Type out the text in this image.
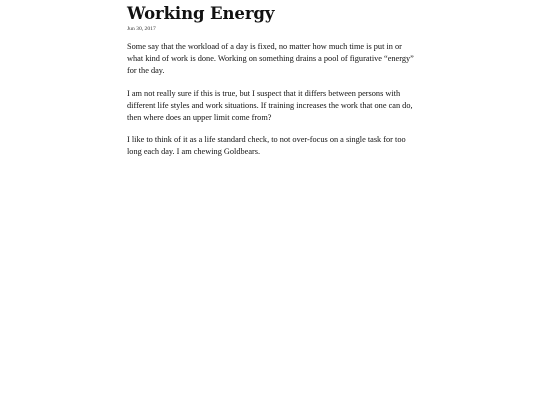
Working Energy
Jun 30, 2017

Some say that the workload of a day is fixed, no matter how much time is put in or what kind of work is done. Working on something drains a pool of figurative “energy” for the day.

I am not really sure if this is true, but I suspect that it differs between persons with different life styles and work situations. If training increases the work that one can do, then where does an upper limit come from?

I like to think of it as a life standard check, to not over-focus on a single task for too long each day. I am chewing Goldbears.
